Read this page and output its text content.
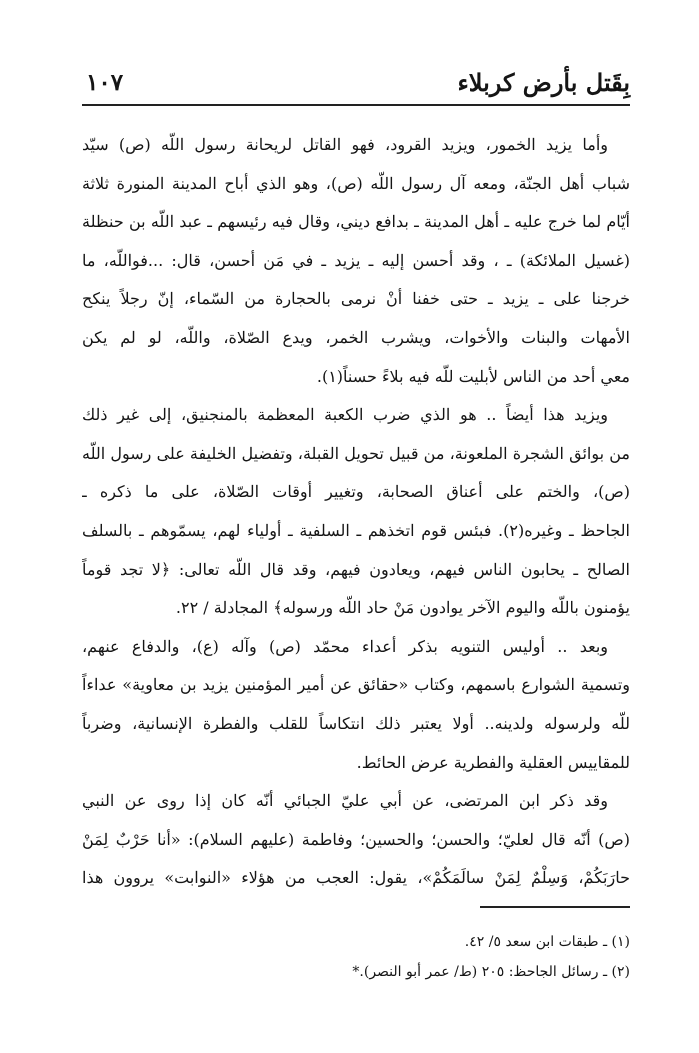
بِقَتل بأرض كربلاء
١٠٧
وأما يزيد الخمور، ويزيد القرود، فهو القاتل لريحانة رسول اللّه (ص) سيّد
شباب أهل الجنّة، ومعه آل رسول اللّه (ص)، وهو الذي أباح المدينة المنورة ثلاثة
أيّام لما خرج عليه ـ أهل المدينة ـ بدافع ديني، وقال فيه رئيسهم ـ عبد اللّه بن حنظلة
(غسيل الملائكة) ـ ، وقد أحسن إليه ـ يزيد ـ في مَن أحسن، قال: ...فواللّه، ما
خرجنا على ـ يزيد ـ حتى خفنا أنْ نرمى بالحجارة من السّماء، إنّ رجلاً ينكح
الأمهات والبنات والأخوات، ويشرب الخمر، ويدع الصّلاة، واللّه، لو لم يكن
معي أحد من الناس لأبليت للّه فيه بلاءً حسناً(١).
ويزيد هذا أيضاً .. هو الذي ضرب الكعبة المعظمة بالمنجنيق، إلى غير ذلك
من بوائق الشجرة الملعونة، من قبيل تحويل القبلة، وتفضيل الخليفة على رسول اللّه
(ص)، والختم على أعناق الصحابة، وتغيير أوقات الصّلاة، على ما ذكره ـ
الجاحظ ـ وغيره(٢). فبئس قوم اتخذهم ـ السلفية ـ أولياء لهم، يسمّوهم ـ بالسلف
الصالح ـ يحابون الناس فيهم، ويعادون فيهم، وقد قال اللّه تعالى: ﴿لا تجد قوماً
يؤمنون باللّه واليوم الآخر يوادون مَنْ حاد اللّه ورسوله﴾ المجادلة / ٢٢.
وبعد .. أوليس التنويه بذكر أعداء محمّد (ص) وآله (ع)، والدفاع عنهم،
وتسمية الشوارع باسمهم، وكتاب «حقائق عن أمير المؤمنين يزيد بن معاوية» عداءاً
للّه ولرسوله ولدينه.. أولا يعتبر ذلك انتكاساً للقلب والفطرة الإنسانية، وضرباً
للمقاييس العقلية والفطرية عرض الحائط.
وقد ذكر ابن المرتضى، عن أبي عليّ الجبائي أنّه كان إذا روى عن النبي
(ص) أنّه قال لعليّ؛ والحسن؛ والحسين؛ وفاطمة (عليهم السلام): «أنا حَرْبٌ لِمَنْ
حارَبَكُمْ، وَسِلْمٌ لِمَنْ سالَمَكُمْ»، يقول: العجب من هؤلاء «النوابت» يروون هذا
(١) ـ طبقات ابن سعد ٥/ ٤٢.
(٢) ـ رسائل الجاحظ: ٢٠٥ (ط/ عمر أبو النصر).*
